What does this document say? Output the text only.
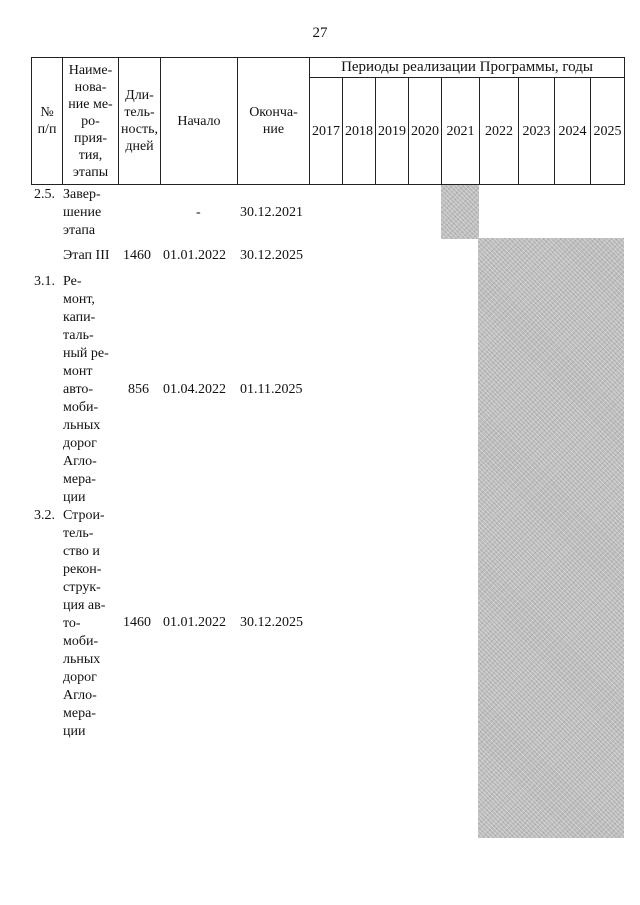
27
№
п/п
Наиме-
нова-
ние ме-
ро-
прия-
тия,
этапы
Дли-
тель-
ность,
дней
Начало
Оконча-
ние
Периоды реализации Программы, годы
2017 2018 2019 2020 2021 2022 2023 2024 2025
2.5. Завер-
шение
этапа
-	30.12.2021
Этап III 1460 01.01.2022 30.12.2025
3.1. Ре-
монт,
капи-
таль-
ный ре-
монт
авто-
моби-
льных
дорог
Агло-
мера-
ции
856 01.04.2022 01.11.2025
3.2. Строи-
тель-
ство и
рекон-
струк-
ция ав-
то-
моби-
льных
дорог
Агло-
мера-
ции
1460 01.01.2022 30.12.2025
